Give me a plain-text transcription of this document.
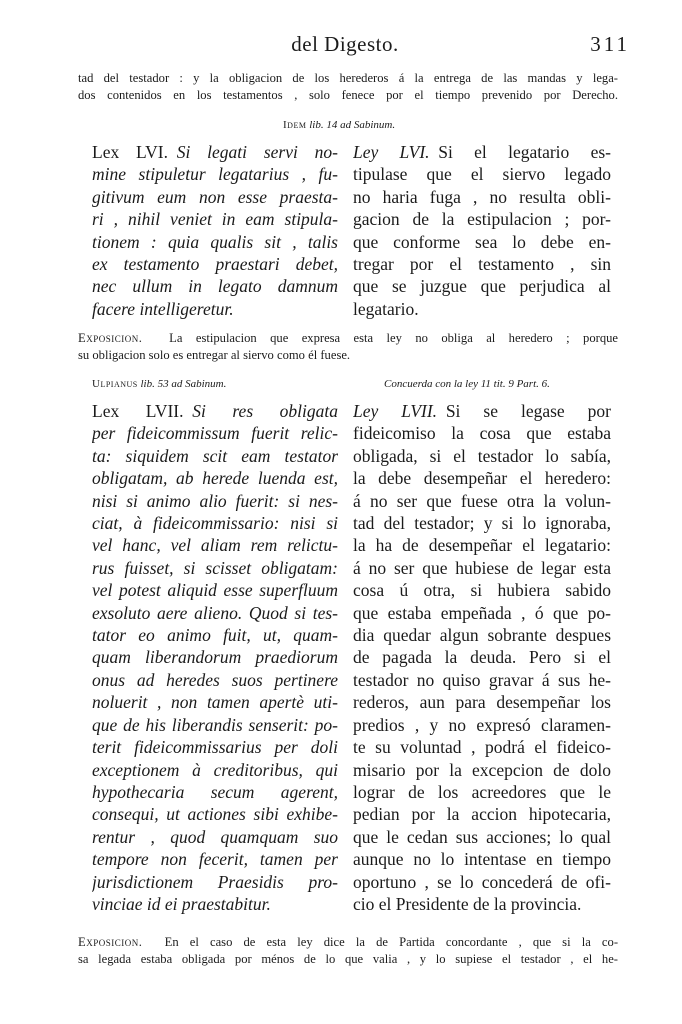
del Digesto.	311
tad del testador : y la obligacion de los herederos á la entrega de las mandas y lega-
dos contenidos en los testamentos , solo fenece por el tiempo prevenido por Derecho.
Idem lib. 14 ad Sabinum.
Lex LVI. Si legati servi no-
mine stipuletur legatarius , fu-
gitivum eum non esse praesta-
ri , nihil veniet in eam stipula-
tionem : quia qualis sit , talis
ex testamento praestari debet,
nec ullum in legato damnum
facere intelligeretur.
Ley LVI. Si el legatario es-
tipulase que el siervo legado
no haria fuga , no resulta obli-
gacion de la estipulacion ; por-
que conforme sea lo debe en-
tregar por el testamento , sin
que se juzgue que perjudica al
legatario.
Exposicion. La estipulacion que expresa esta ley no obliga al heredero ; porque
su obligacion solo es entregar al siervo como él fuese.
Ulpianus lib. 53 ad Sabinum.	Concuerda con la ley 11 tit. 9 Part. 6.
Lex LVII. Si res obligata
per fideicommissum fuerit relic-
ta: siquidem scit eam testator
obligatam, ab herede luenda est,
nisi si animo alio fuerit: si nes-
ciat, à fideicommissario: nisi si
vel hanc, vel aliam rem relictu-
rus fuisset, si scisset obligatam:
vel potest aliquid esse superfluum
exsoluto aere alieno. Quod si tes-
tator eo animo fuit, ut, quam-
quam liberandorum praediorum
onus ad heredes suos pertinere
noluerit , non tamen apertè uti-
que de his liberandis senserit: po-
terit fideicommissarius per doli
exceptionem à creditoribus, qui
hypothecaria secum agerent,
consequi, ut actiones sibi exhibe-
rentur , quod quamquam suo
tempore non fecerit, tamen per
jurisdictionem Praesidis pro-
vinciae id ei praestabitur.
Ley LVII. Si se legase por
fideicomiso la cosa que estaba
obligada, si el testador lo sabía,
la debe desempeñar el heredero:
á no ser que fuese otra la volun-
tad del testador; y si lo ignoraba,
la ha de desempeñar el legatario:
á no ser que hubiese de legar esta
cosa ú otra, si hubiera sabido
que estaba empeñada , ó que po-
dia quedar algun sobrante despues
de pagada la deuda. Pero si el
testador no quiso gravar á sus he-
rederos, aun para desempeñar los
predios , y no expresó claramen-
te su voluntad , podrá el fideico-
misario por la excepcion de dolo
lograr de los acreedores que le
pedian por la accion hipotecaria,
que le cedan sus acciones; lo qual
aunque no lo intentase en tiempo
oportuno , se lo concederá de ofi-
cio el Presidente de la provincia.
Exposicion. En el caso de esta ley dice la de Partida concordante , que si la co-
sa legada estaba obligada por ménos de lo que valia , y lo supiese el testador , el he-
